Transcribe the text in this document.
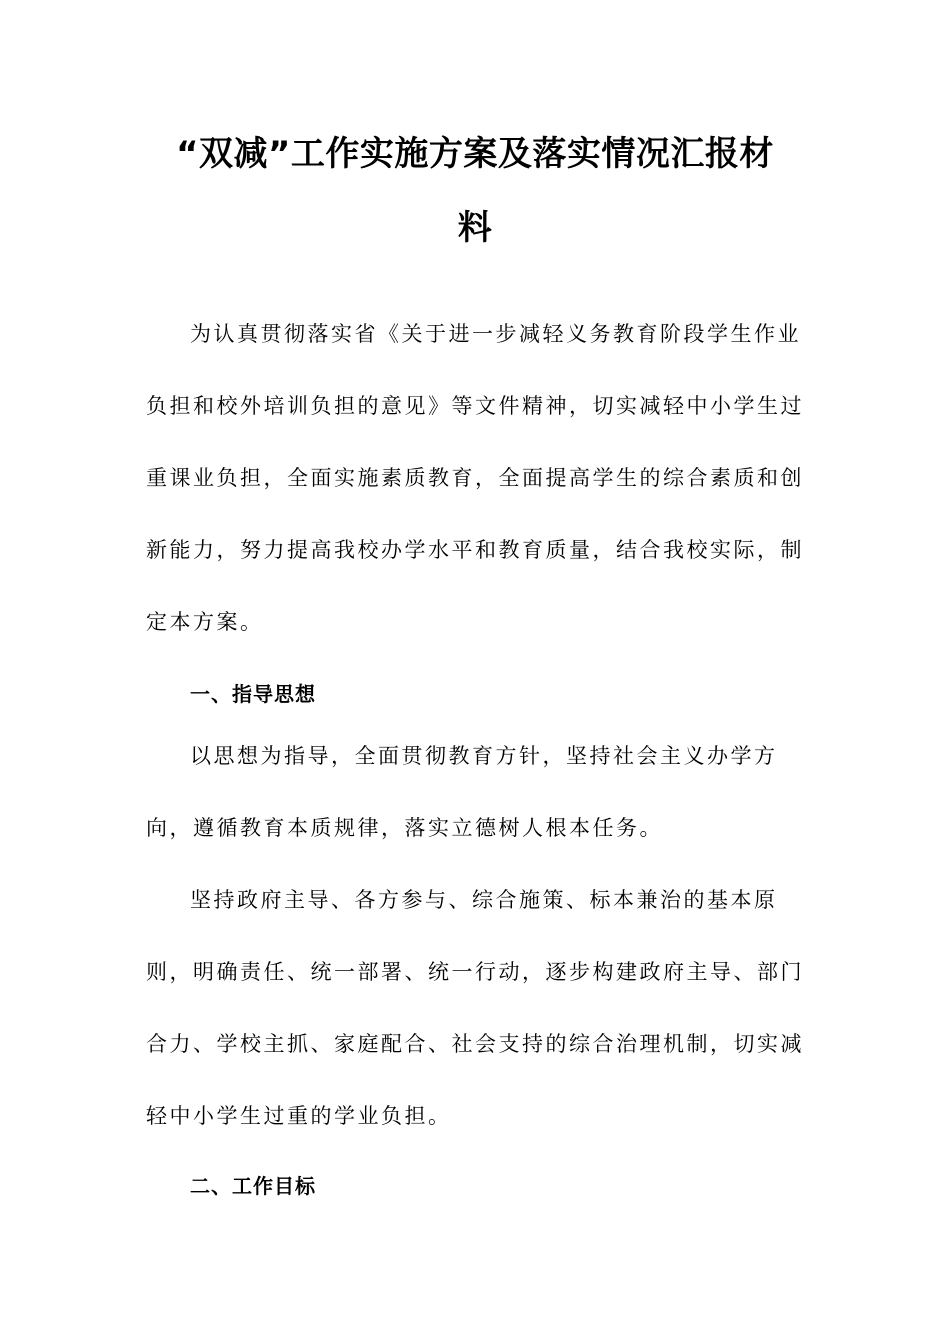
“双减”工作实施方案及落实情况汇报材
料

为认真贯彻落实省《关于进一步减轻义务教育阶段学生作业负担和校外培训负担的意见》等文件精神，切实减轻中小学生过重课业负担，全面实施素质教育，全面提高学生的综合素质和创新能力，努力提高我校办学水平和教育质量，结合我校实际，制定本方案。

一、指导思想

以思想为指导，全面贯彻教育方针，坚持社会主义办学方向，遵循教育本质规律，落实立德树人根本任务。

坚持政府主导、各方参与、综合施策、标本兼治的基本原则，明确责任、统一部署、统一行动，逐步构建政府主导、部门合力、学校主抓、家庭配合、社会支持的综合治理机制，切实减轻中小学生过重的学业负担。

二、工作目标
